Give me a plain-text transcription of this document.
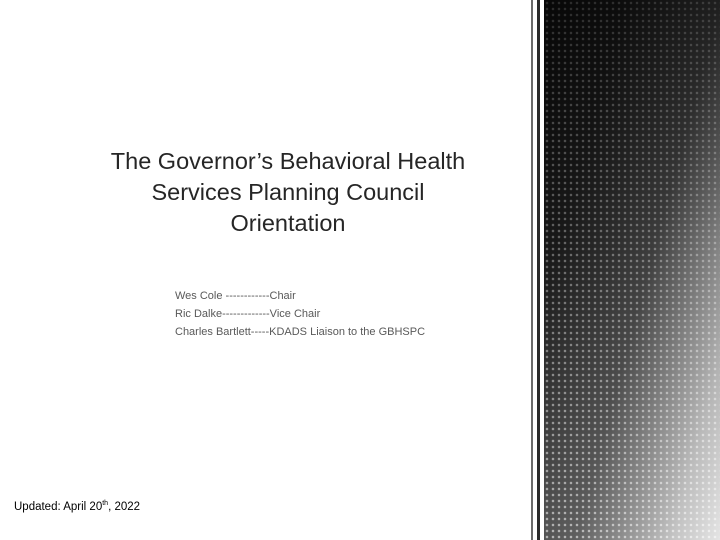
The Governor’s Behavioral Health
Services Planning Council
Orientation
Wes Cole ------------Chair
Ric Dalke-------------Vice Chair
Charles Bartlett-----KDADS Liaison to the GBHSPC
Updated: April 20th, 2022
